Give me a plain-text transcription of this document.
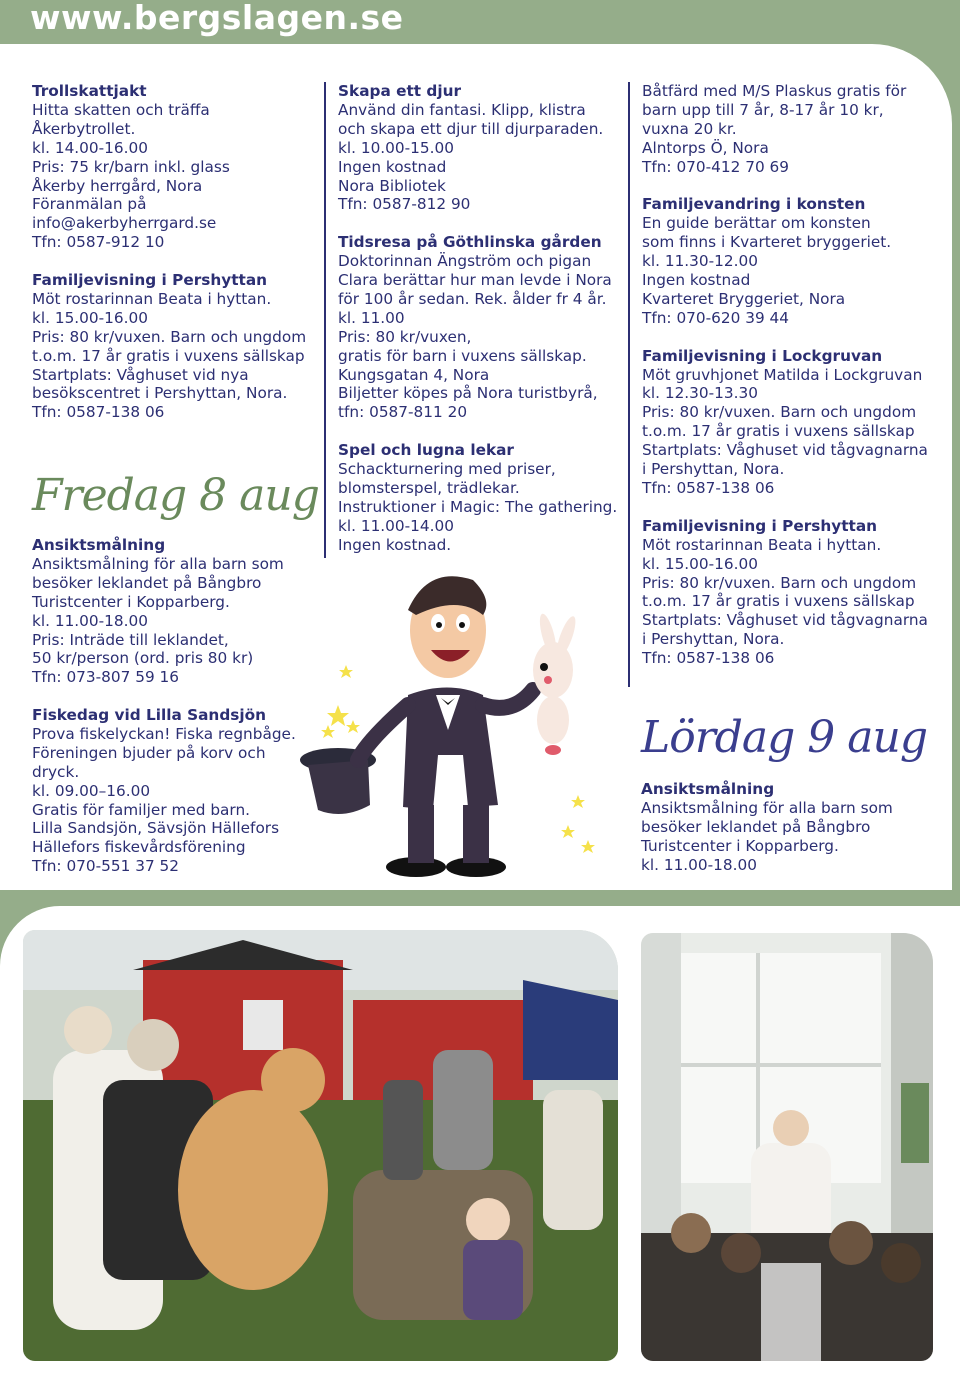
www.bergslagen.se
Trollskattjakt
Hitta skatten och träffa
Åkerbytrollet.
kl. 14.00-16.00
Pris: 75 kr/barn inkl. glass
Åkerby herrgård, Nora
Föranmälan på
info@akerbyherrgard.se
Tfn: 0587-912 10
Familjevisning i Pershyttan
Möt rostarinnan Beata i hyttan.
kl. 15.00-16.00
Pris: 80 kr/vuxen. Barn och ungdom
t.o.m. 17 år gratis i vuxens sällskap
Startplats: Våghuset vid nya
besökscentret i Pershyttan, Nora.
Tfn: 0587-138 06
Fredag 8 aug
Ansiktsmålning
Ansiktsmålning för alla barn som
besöker leklandet på Bångbro
Turistcenter i Kopparberg.
kl. 11.00-18.00
Pris: Inträde till leklandet,
50 kr/person (ord. pris 80 kr)
Tfn: 073-807 59 16
Fiskedag vid Lilla Sandsjön
Prova fiskelyckan! Fiska regnbåge.
Föreningen bjuder på korv och
dryck.
kl. 09.00–16.00
Gratis för familjer med barn.
Lilla Sandsjön, Sävsjön Hällefors
Hällefors fiskevårdsförening
Tfn: 070-551 37 52
Skapa ett djur
Använd din fantasi. Klipp, klistra
och skapa ett djur till djurparaden.
kl. 10.00-15.00
Ingen kostnad
Nora Bibliotek
Tfn: 0587-812 90
Tidsresa på Göthlinska gården
Doktorinnan Ängström och pigan
Clara berättar hur man levde i Nora
för 100 år sedan. Rek. ålder fr 4 år.
kl. 11.00
Pris: 80 kr/vuxen,
gratis för barn i vuxens sällskap.
Kungsgatan 4, Nora
Biljetter köpes på Nora turistbyrå,
tfn: 0587-811 20
Spel och lugna lekar
Schackturnering med priser,
blomsterspel, trädlekar.
Instruktioner i Magic: The gathering.
kl. 11.00-14.00
Ingen kostnad.
Båtfärd med M/S Plaskus gratis för
barn upp till 7 år, 8-17 år 10 kr,
vuxna 20 kr.
Alntorps Ö, Nora
Tfn: 070-412 70 69
Familjevandring i konsten
En guide berättar om konsten
som finns i Kvarteret bryggeriet.
kl. 11.30-12.00
Ingen kostnad
Kvarteret Bryggeriet, Nora
Tfn: 070-620 39 44
Familjevisning i Lockgruvan
Möt gruvhjonet Matilda i Lockgruvan
kl. 12.30-13.30
Pris: 80 kr/vuxen. Barn och ungdom
t.o.m. 17 år gratis i vuxens sällskap
Startplats: Våghuset vid tågvagnarna
i Pershyttan, Nora.
Tfn: 0587-138 06
Familjevisning i Pershyttan
Möt rostarinnan Beata i hyttan.
kl. 15.00-16.00
Pris: 80 kr/vuxen. Barn och ungdom
t.o.m. 17 år gratis i vuxens sällskap
Startplats: Våghuset vid tågvagnarna
i Pershyttan, Nora.
Tfn: 0587-138 06
Lördag 9 aug
Ansiktsmålning
Ansiktsmålning för alla barn som
besöker leklandet på Bångbro
Turistcenter i Kopparberg.
kl. 11.00-18.00
